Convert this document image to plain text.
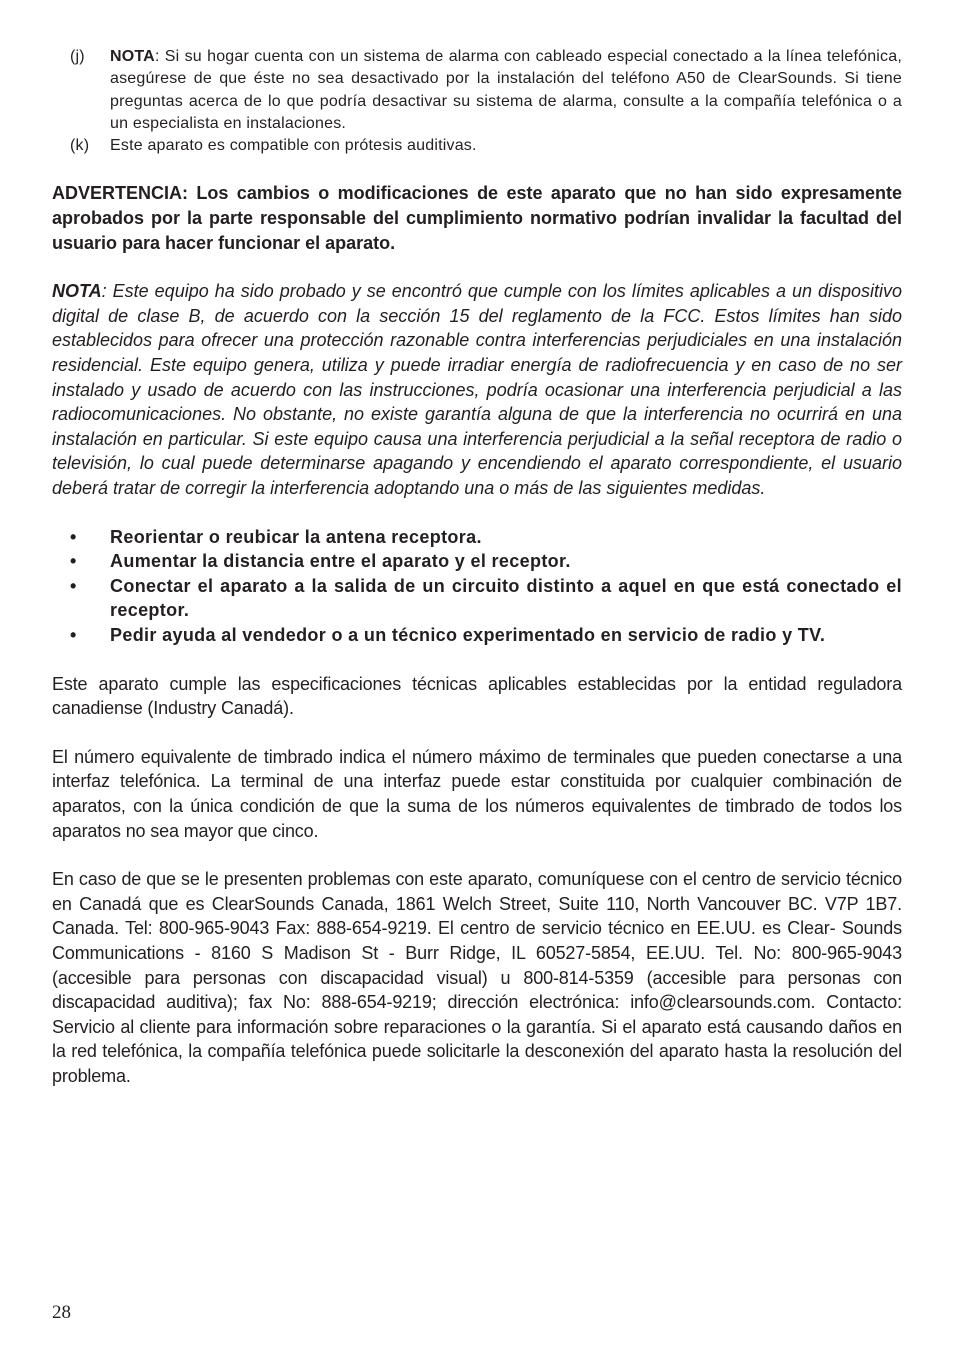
(j)	NOTA: Si su hogar cuenta con un sistema de alarma con cableado especial conectado a la línea telefónica, asegúrese de que éste no sea desactivado por la instalación del teléfono A50 de ClearSounds. Si tiene preguntas acerca de lo que podría desactivar su sistema de alarma, consulte a la compañía telefónica o a un especialista en instalaciones.
(k)	Este aparato es compatible con prótesis auditivas.

ADVERTENCIA: Los cambios o modificaciones de este aparato que no han sido expresamente aprobados por la parte responsable del cumplimiento normativo podrían invalidar la facultad del usuario para hacer funcionar el aparato.

NOTA: Este equipo ha sido probado y se encontró que cumple con los límites aplicables a un dispositivo digital de clase B, de acuerdo con la sección 15 del reglamento de la FCC. Estos límites han sido establecidos para ofrecer una protección razonable contra interferencias perjudiciales en una instalación residencial. Este equipo genera, utiliza y puede irradiar energía de radiofrecuencia y en caso de no ser instalado y usado de acuerdo con las instrucciones, podría ocasionar una interferencia perjudicial a las radiocomunicaciones. No obstante, no existe garantía alguna de que la interferencia no ocurrirá en una instalación en particular. Si este equipo causa una interferencia perjudicial a la señal receptora de radio o televisión, lo cual puede determinarse apagando y encendiendo el aparato correspondiente, el usuario deberá tratar de corregir la interferencia adoptando una o más de las siguientes medidas.

•	Reorientar o reubicar la antena receptora.
•	Aumentar la distancia entre el aparato y el receptor.
•	Conectar el aparato a la salida de un circuito distinto a aquel en que está conectado el receptor.
•	Pedir ayuda al vendedor o a un técnico experimentado en servicio de radio y TV.

Este aparato cumple las especificaciones técnicas aplicables establecidas por la entidad reguladora canadiense (Industry Canadá).

El número equivalente de timbrado indica el número máximo de terminales que pueden conectarse a una interfaz telefónica. La terminal de una interfaz puede estar constituida por cualquier combinación de aparatos, con la única condición de que la suma de los números equivalentes de timbrado de todos los aparatos no sea mayor que cinco.

En caso de que se le presenten problemas con este aparato, comuníquese con el centro de servicio técnico en Canadá que es ClearSounds Canada, 1861 Welch Street, Suite 110, North Vancouver BC. V7P 1B7. Canada. Tel: 800-965-9043 Fax: 888-654-9219. El centro de servicio técnico en EE.UU. es Clear- Sounds Communications - 8160 S Madison St - Burr Ridge, IL 60527-5854, EE.UU. Tel. No: 800-965-9043 (accesible para personas con discapacidad visual) u 800-814-5359 (accesible para personas con discapacidad auditiva); fax No: 888-654-9219; dirección electrónica: info@clearsounds.com. Contacto: Servicio al cliente para información sobre reparaciones o la garantía. Si el aparato está causando daños en la red telefónica, la compañía telefónica puede solicitarle la desconexión del aparato hasta la resolución del problema.

28
